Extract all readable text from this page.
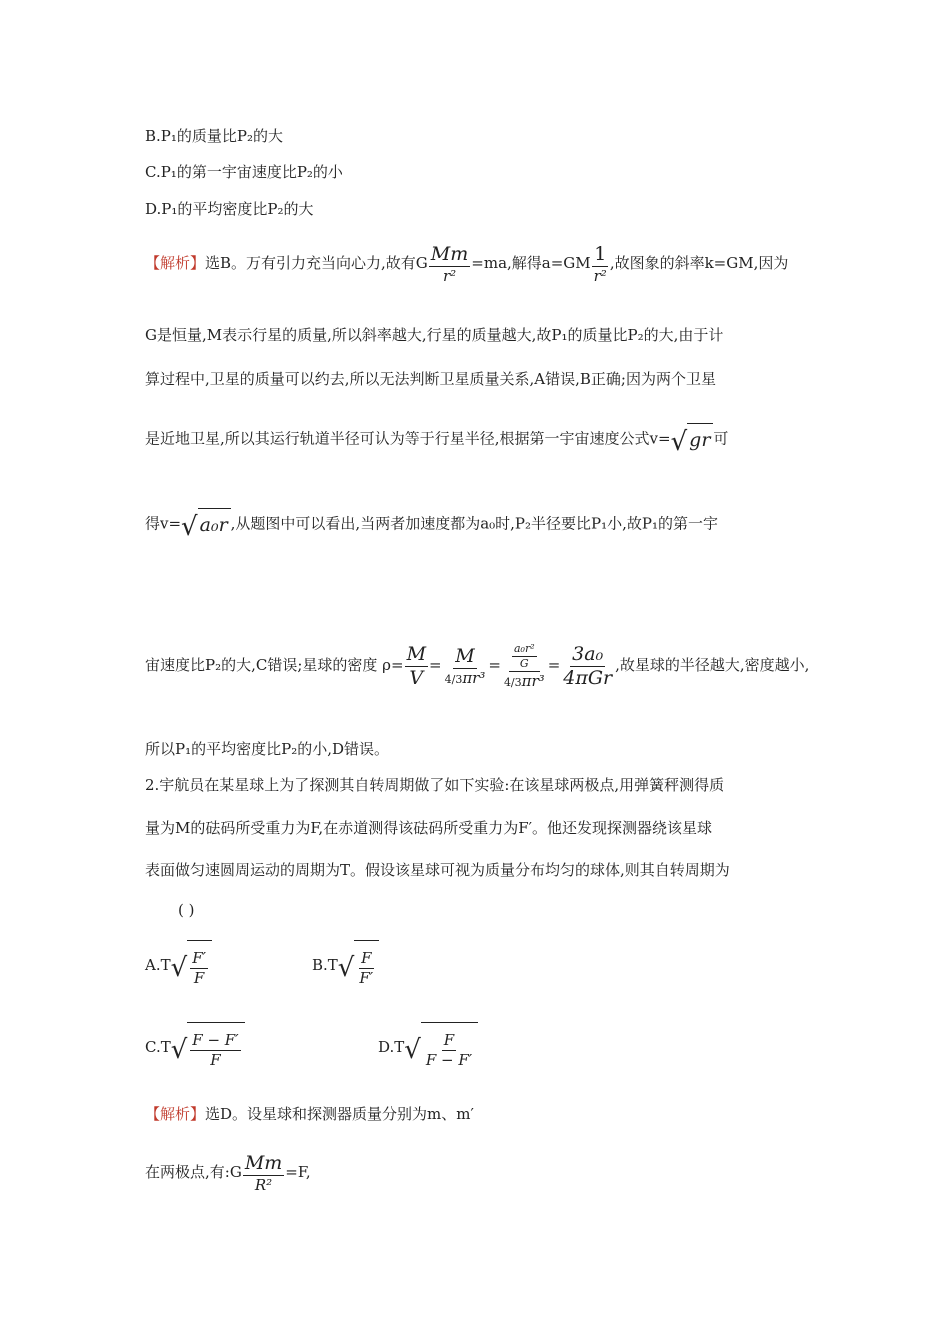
B.P₁的质量比P₂的大
C.P₁的第一宇宙速度比P₂的小
D.P₁的平均密度比P₂的大
【解析】选B。万有引力充当向心力,故有G $\frac{Mm}{\text{r²}} =ma$,解得$a=GM \frac{1}{\text{r²}}$ ,故图象的斜率k=GM,因为
G是恒量,M表示行星的质量,所以斜率越大,行星的质量越大,故P₁的质量比P₂的大,由于计
算过程中,卫星的质量可以约去,所以无法判断卫星质量关系,A错误,B正确;因为两个卫星
是近地卫星,所以其运行轨道半径可认为等于行星半径,根据第一宇宙速度公式v=√ gr 可
得v=√ a₀r ,从题图中可以看出,当两者加速度都为a₀时,P₂半径要比P₁小,故P₁的第一宇
宙速度比P₂的大,C错误;星球的密度 $\rho= \frac{M}{V} = \frac{M}{\text{4/3πr³}} = \frac{\frac{\text{a₀r²}}{G}}{\text{4/3πr³}} = \frac{\text{3a₀}}{\text{4πGr}}$ ,故星球的半径越大,密度越小,
所以P₁的平均密度比P₂的小,D错误。
2.宇航员在某星球上为了探测其自转周期做了如下实验:在该星球两极点,用弹簧秤测得质
量为M的砝码所受重力为F,在赤道测得该砝码所受重力为F′。他还发现探测器绕该星球
表面做匀速圆周运动的周期为T。假设该星球可视为质量分布均匀的球体,则其自转周期为
( )
$A.T√ \frac{F'}{F}$	$B.T√ \frac{F}{F'}$
$C.T√ \frac{F - F'}{F}$	$D.T√ \frac{F}{F - F'}$
【解析】选D。设星球和探测器质量分别为m、m′
在两极点,有:G $\frac{Mm}{\text{R²}} =F$,
